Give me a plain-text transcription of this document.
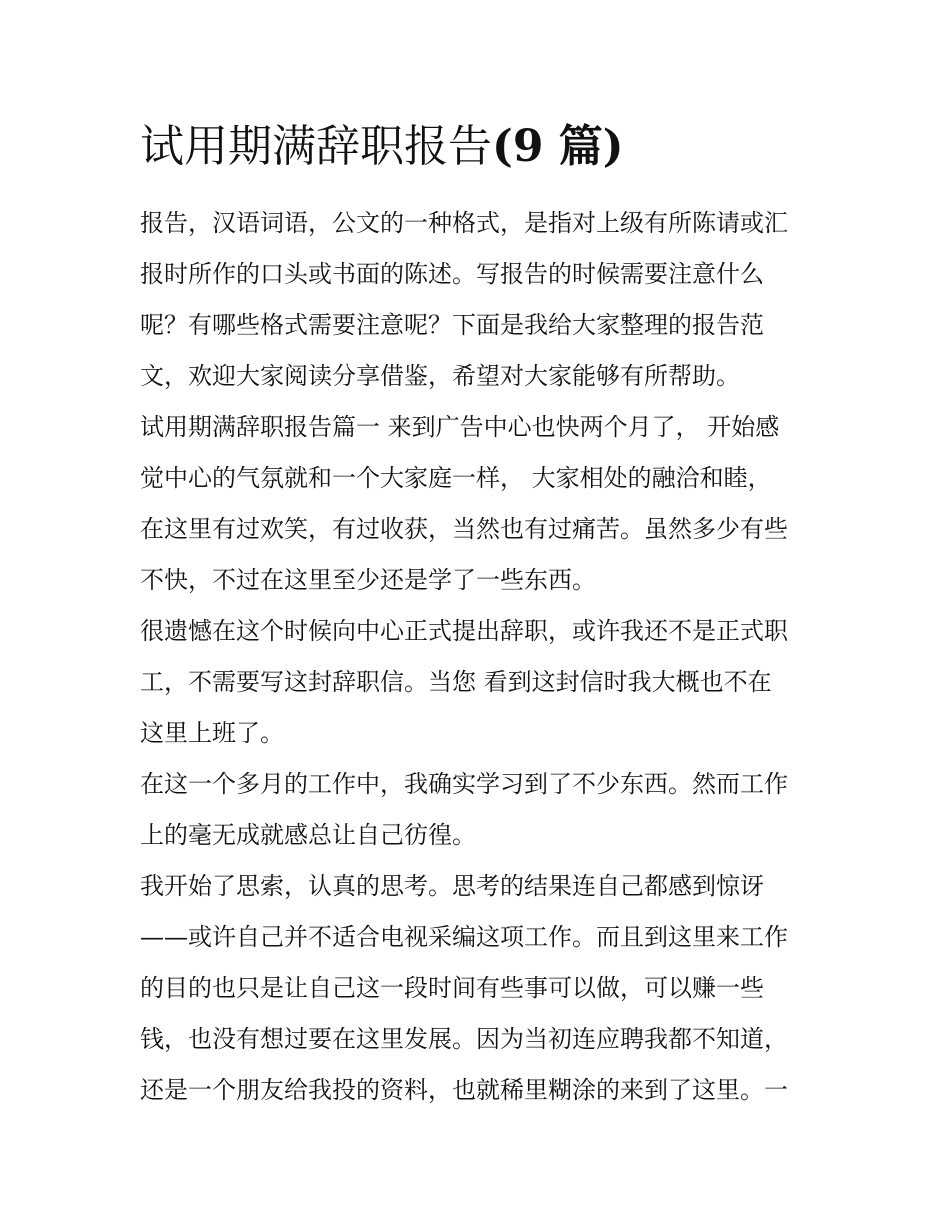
试用期满辞职报告(9 篇)
报告，汉语词语，公文的一种格式，是指对上级有所陈请或汇
报时所作的口头或书面的陈述。写报告的时候需要注意什么
呢？有哪些格式需要注意呢？下面是我给大家整理的报告范
文，欢迎大家阅读分享借鉴，希望对大家能够有所帮助。
试用期满辞职报告篇一 来到广告中心也快两个月了， 开始感
觉中心的气氛就和一个大家庭一样， 大家相处的融洽和睦，
在这里有过欢笑，有过收获，当然也有过痛苦。虽然多少有些
不快，不过在这里至少还是学了一些东西。
很遗憾在这个时候向中心正式提出辞职，或许我还不是正式职
工，不需要写这封辞职信。当您 看到这封信时我大概也不在
这里上班了。
在这一个多月的工作中，我确实学习到了不少东西。然而工作
上的毫无成就感总让自己彷徨。
我开始了思索，认真的思考。思考的结果连自己都感到惊讶
——或许自己并不适合电视采编这项工作。而且到这里来工作
的目的也只是让自己这一段时间有些事可以做，可以赚一些
钱，也没有想过要在这里发展。因为当初连应聘我都不知道，
还是一个朋友给我投的资料，也就稀里糊涂的来到了这里。一
